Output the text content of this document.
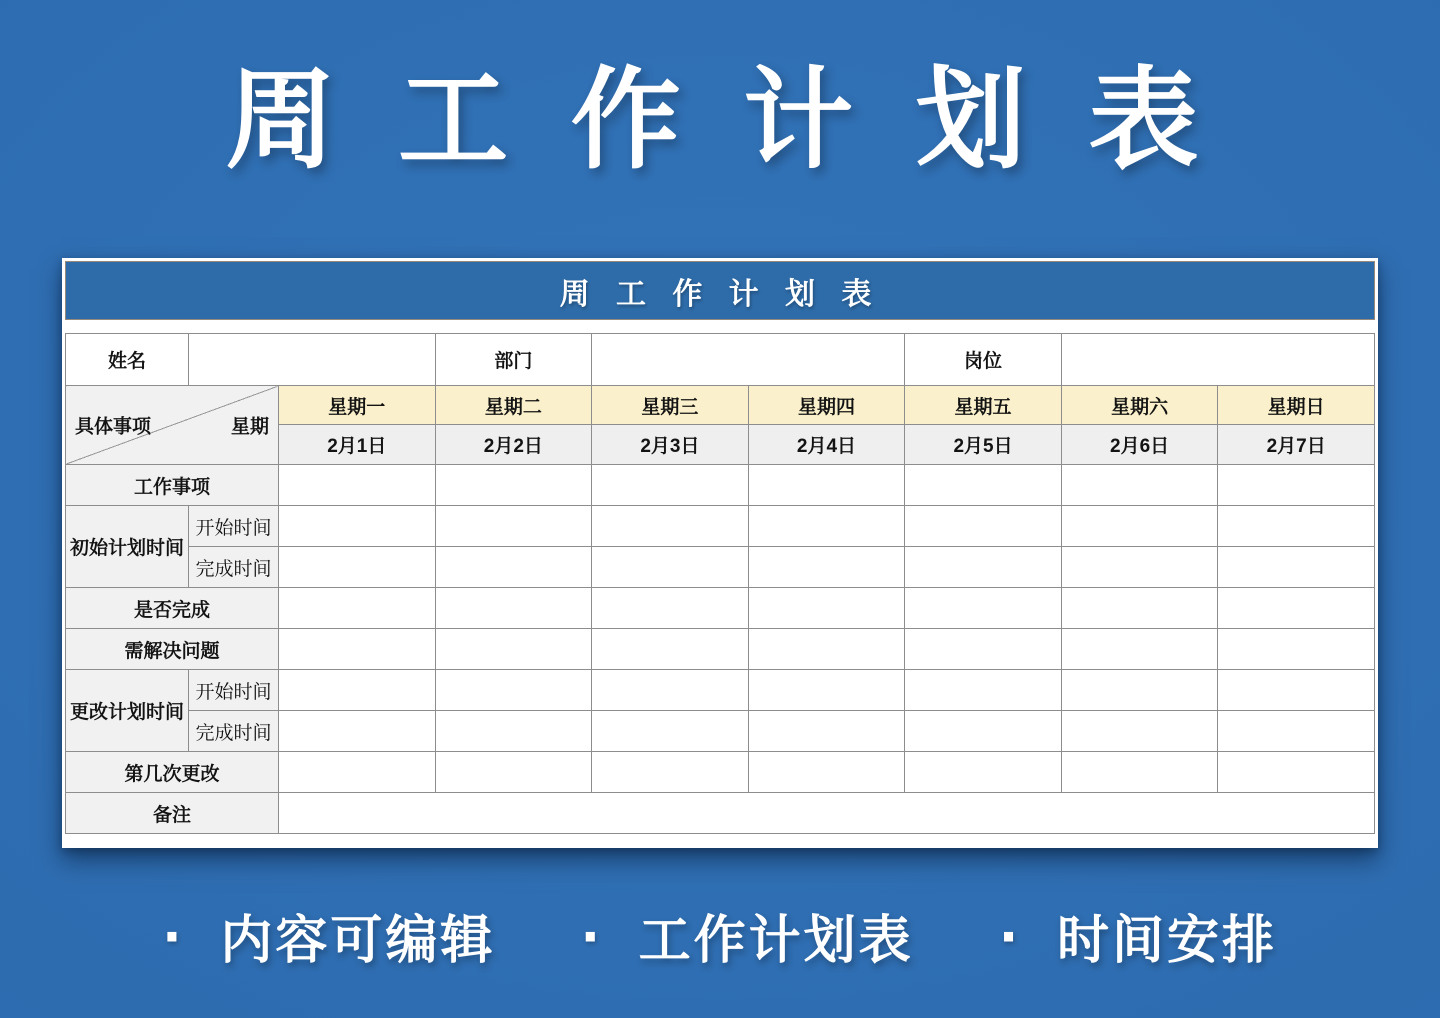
周 工 作 计 划 表
周 工 作 计 划 表
姓名			部门			岗位		

具体事项 星期		星期一	星期二	星期三	星期四	星期五	星期六	星期日
		2月1日	2月2日	2月3日	2月4日	2月5日	2月6日	2月7日
工作事项								
初始计划时间	开始时间							
	完成时间							
是否完成								
需解决问题								
更改计划时间	开始时间							
	完成时间							
第几次更改								
备注								
· 内容可编辑 · 工作计划表 · 时间安排
